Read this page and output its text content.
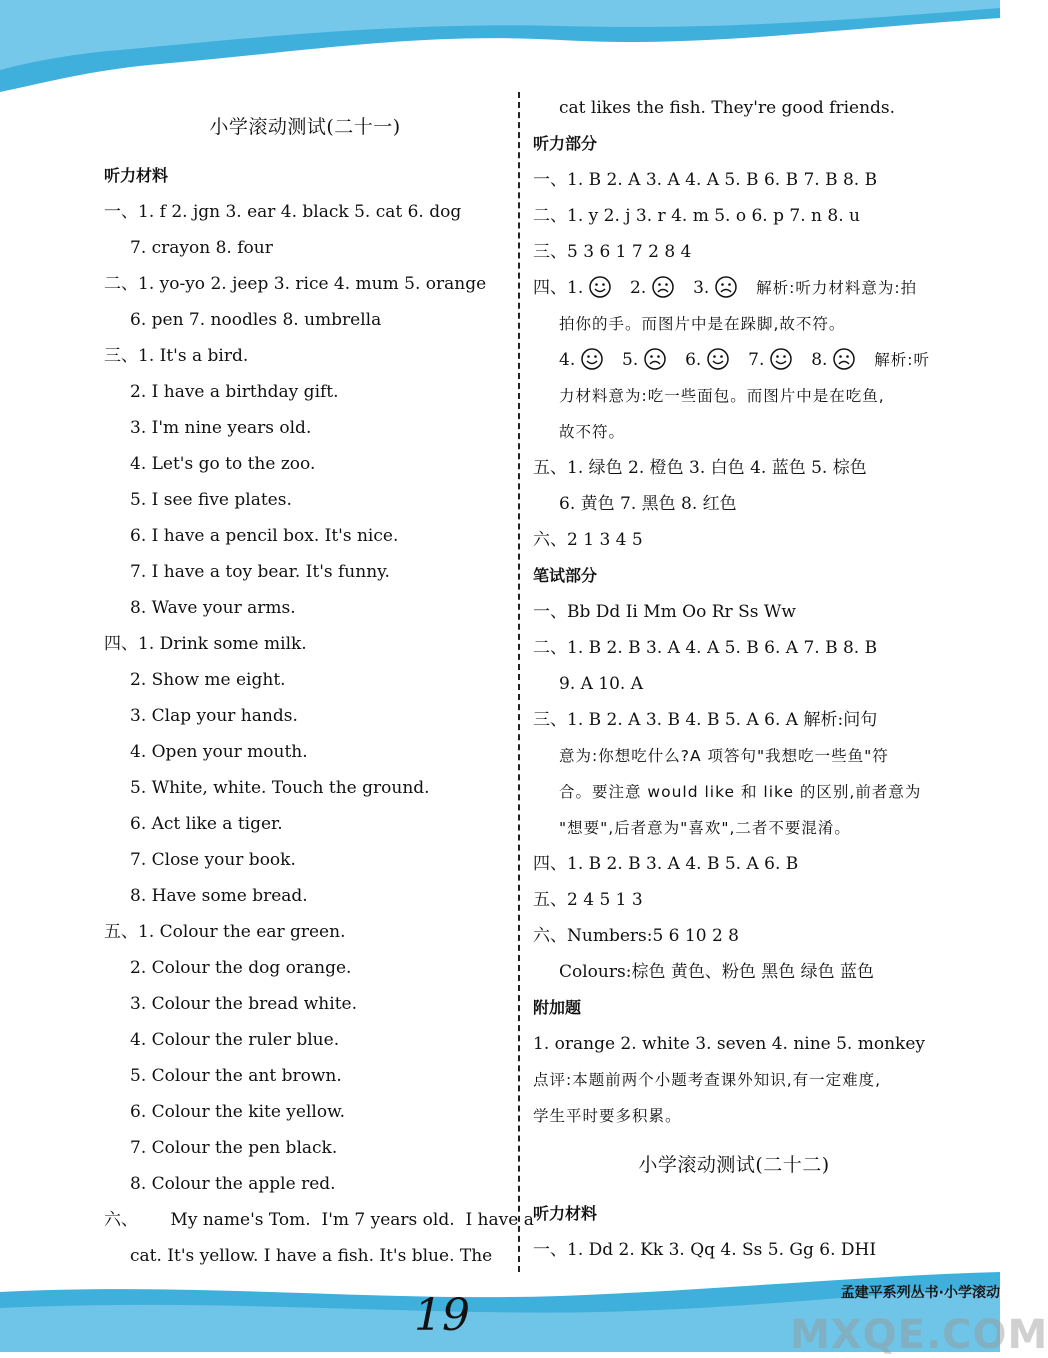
小学滚动测试(二十一)
听力材料
一、1. f 2. jgn 3. ear 4. black 5. cat 6. dog
7. crayon 8. four
二、1. yo-yo 2. jeep 3. rice 4. mum 5. orange
6. pen 7. noodles 8. umbrella
三、1. It's a bird.
2. I have a birthday gift.
3. I'm nine years old.
4. Let's go to the zoo.
5. I see five plates.
6. I have a pencil box. It's nice.
7. I have a toy bear. It's funny.
8. Wave your arms.
四、1. Drink some milk.
2. Show me eight.
3. Clap your hands.
4. Open your mouth.
5. White, white. Touch the ground.
6. Act like a tiger.
7. Close your book.
8. Have some bread.
五、1. Colour the ear green.
2. Colour the dog orange.
3. Colour the bread white.
4. Colour the ruler blue.
5. Colour the ant brown.
6. Colour the kite yellow.
7. Colour the pen black.
8. Colour the apple red.
六、      My name's Tom.  I'm 7 years old.  I have a
cat. It's yellow. I have a fish. It's blue. The
cat likes the fish. They're good friends.
听力部分
一、1. B 2. A 3. A 4. A 5. B 6. B 7. B 8. B
二、1. y 2. j 3. r 4. m 5. o 6. p 7. n 8. u
三、5 3 6 1 7 2 8 4
四、1.	2.	3.	解析:听力材料意为:拍
拍你的手。而图片中是在跺脚,故不符。
4.	5.	6.	7.	8.	解析:听
力材料意为:吃一些面包。而图片中是在吃鱼,
故不符。
五、1. 绿色 2. 橙色 3. 白色 4. 蓝色 5. 棕色
6. 黄色 7. 黑色 8. 红色
六、2 1 3 4 5
笔试部分
一、Bb Dd Ii Mm Oo Rr Ss Ww
二、1. B 2. B 3. A 4. A 5. B 6. A 7. B 8. B
9. A 10. A
三、1. B 2. A 3. B 4. B 5. A 6. A 解析:问句
意为:你想吃什么?A 项答句"我想吃一些鱼"符
合。要注意 would like 和 like 的区别,前者意为
"想要",后者意为"喜欢",二者不要混淆。
四、1. B 2. B 3. A 4. B 5. A 6. B
五、2 4 5 1 3
六、Numbers:5 6 10 2 8
Colours:棕色 黄色、粉色 黑色 绿色 蓝色
附加题
1. orange 2. white 3. seven 4. nine 5. monkey
点评:本题前两个小题考查课外知识,有一定难度,
学生平时要多积累。
小学滚动测试(二十二)
听力材料
一、1. Dd 2. Kk 3. Qq 4. Ss 5. Gg 6. DHI
19	孟建平系列丛书·小学滚动
MXQE.COM
